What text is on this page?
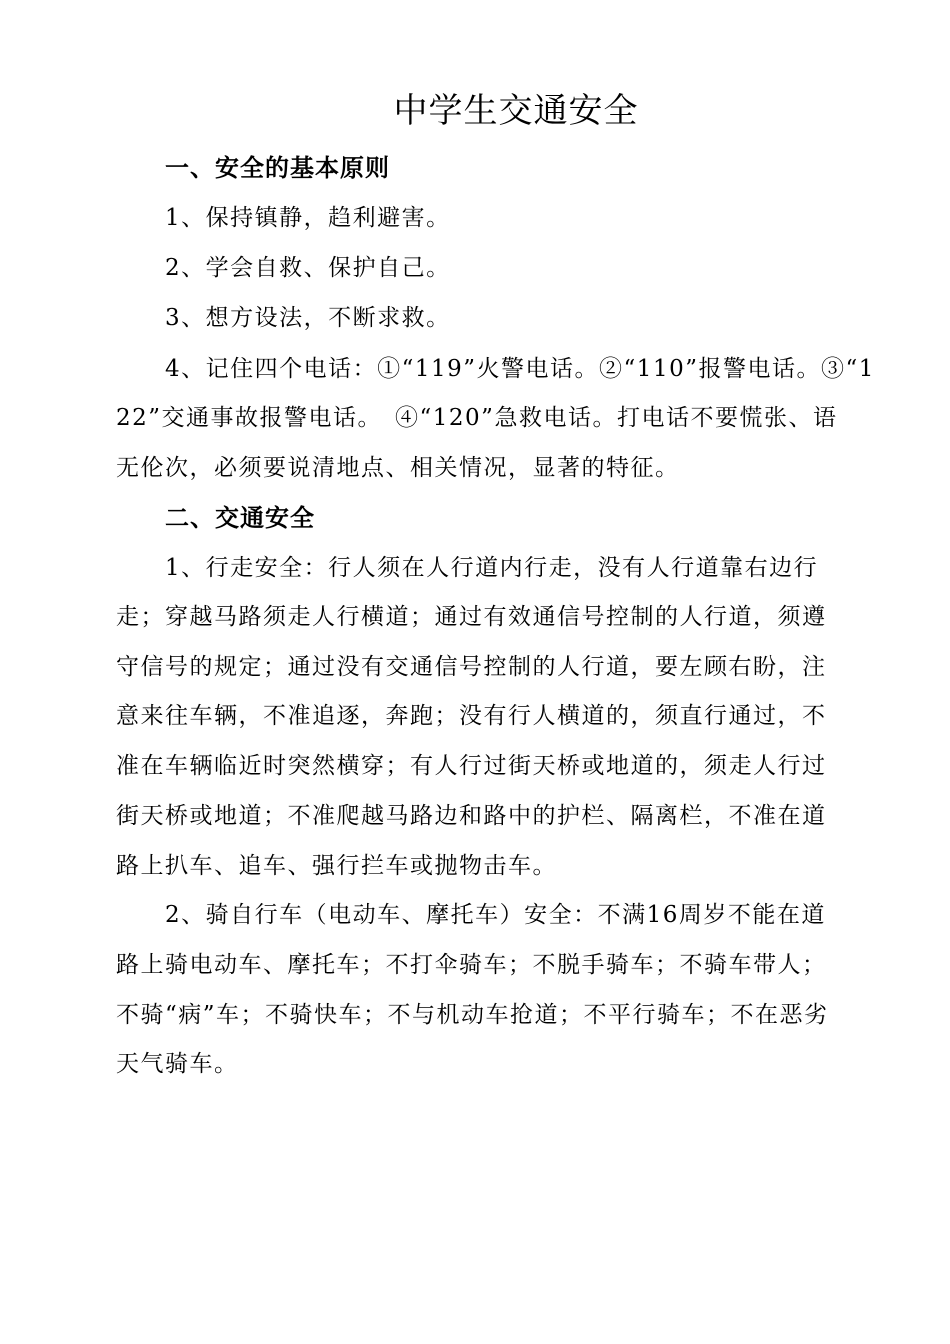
中学生交通安全
一、安全的基本原则
1、保持镇静，趋利避害。
2、学会自救、保护自己。
3、想方设法，不断求救。
4、记住四个电话：①“119”火警电话。②“110”报警电话。③“1
22”交通事故报警电话。　④“120”急救电话。打电话不要慌张、语
无伦次，必须要说清地点、相关情况，显著的特征。
二、交通安全
1、行走安全：行人须在人行道内行走，没有人行道靠右边行
走；穿越马路须走人行横道；通过有效通信号控制的人行道，须遵
守信号的规定；通过没有交通信号控制的人行道，要左顾右盼，注
意来往车辆，不准追逐，奔跑；没有行人横道的，须直行通过，不
准在车辆临近时突然横穿；有人行过街天桥或地道的，须走人行过
街天桥或地道；不准爬越马路边和路中的护栏、隔离栏，不准在道
路上扒车、追车、强行拦车或抛物击车。
2、骑自行车（电动车、摩托车）安全：不满16周岁不能在道
路上骑电动车、摩托车；不打伞骑车；不脱手骑车；不骑车带人；
不骑“病”车；不骑快车；不与机动车抢道；不平行骑车；不在恶劣
天气骑车。
